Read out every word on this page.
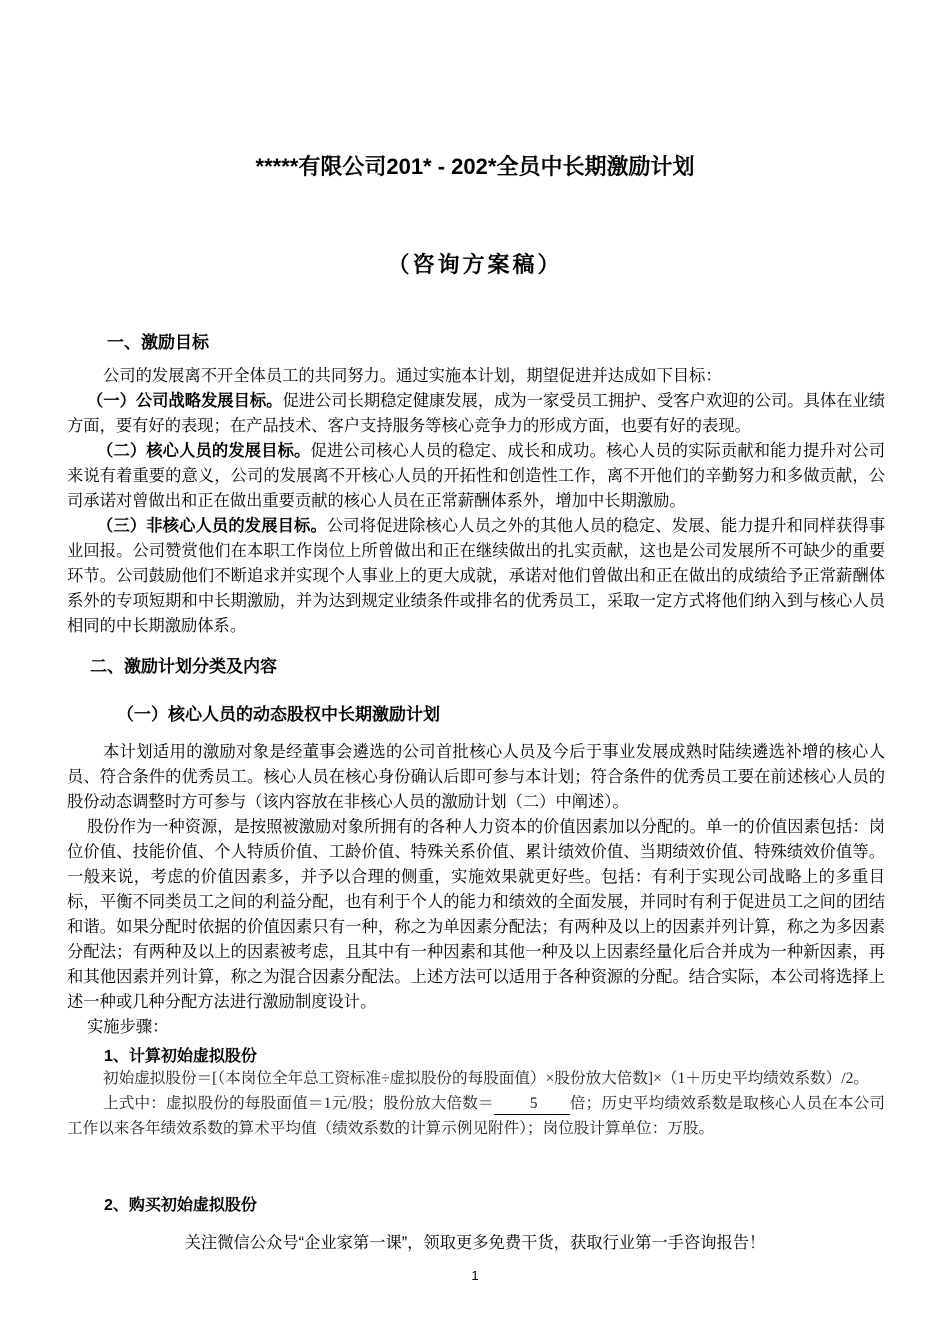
*****有限公司201* - 202*全员中长期激励计划
（咨询方案稿）
一、激励目标

公司的发展离不开全体员工的共同努力。通过实施本计划，期望促进并达成如下目标：

（一）公司战略发展目标。促进公司长期稳定健康发展，成为一家受员工拥护、受客户欢迎的公司。具体在业绩方面，要有好的表现；在产品技术、客户支持服务等核心竞争力的形成方面，也要有好的表现。

（二）核心人员的发展目标。促进公司核心人员的稳定、成长和成功。核心人员的实际贡献和能力提升对公司来说有着重要的意义，公司的发展离不开核心人员的开拓性和创造性工作，离不开他们的辛勤努力和多做贡献，公司承诺对曾做出和正在做出重要贡献的核心人员在正常薪酬体系外，增加中长期激励。

（三）非核心人员的发展目标。公司将促进除核心人员之外的其他人员的稳定、发展、能力提升和同样获得事业回报。公司赞赏他们在本职工作岗位上所曾做出和正在继续做出的扎实贡献，这也是公司发展所不可缺少的重要环节。公司鼓励他们不断追求并实现个人事业上的更大成就，承诺对他们曾做出和正在做出的成绩给予正常薪酬体系外的专项短期和中长期激励，并为达到规定业绩条件或排名的优秀员工，采取一定方式将他们纳入到与核心人员相同的中长期激励体系。

二、激励计划分类及内容
（一）核心人员的动态股权中长期激励计划

本计划适用的激励对象是经董事会遴选的公司首批核心人员及今后于事业发展成熟时陆续遴选补增的核心人员、符合条件的优秀员工。核心人员在核心身份确认后即可参与本计划；符合条件的优秀员工要在前述核心人员的股份动态调整时方可参与（该内容放在非核心人员的激励计划（二）中阐述）。

股份作为一种资源，是按照被激励对象所拥有的各种人力资本的价值因素加以分配的。单一的价值因素包括：岗位价值、技能价值、个人特质价值、工龄价值、特殊关系价值、累计绩效价值、当期绩效价值、特殊绩效价值等。一般来说，考虑的价值因素多，并予以合理的侧重，实施效果就更好些。包括：有利于实现公司战略上的多重目标，平衡不同类员工之间的利益分配，也有利于个人的能力和绩效的全面发展，并同时有利于促进员工之间的团结和谐。如果分配时依据的价值因素只有一种，称之为单因素分配法；有两种及以上的因素并列计算，称之为多因素分配法；有两种及以上的因素被考虑，且其中有一种因素和其他一种及以上因素经量化后合并成为一种新因素，再和其他因素并列计算，称之为混合因素分配法。上述方法可以适用于各种资源的分配。结合实际，本公司将选择上述一种或几种分配方法进行激励制度设计。

实施步骤：

1、计算初始虚拟股份

初始虚拟股份＝[（本岗位全年总工资标准÷虚拟股份的每股面值）×股份放大倍数]×（1＋历史平均绩效系数）/2。

上式中：虚拟股份的每股面值＝1元/股；股份放大倍数＝ 5 倍；历史平均绩效系数是取核心人员在本公司工作以来各年绩效系数的算术平均值（绩效系数的计算示例见附件）；岗位股计算单位：万股。

2、购买初始虚拟股份
关注微信公众号“企业家第一课”，领取更多免费干货，获取行业第一手咨询报告！
1
